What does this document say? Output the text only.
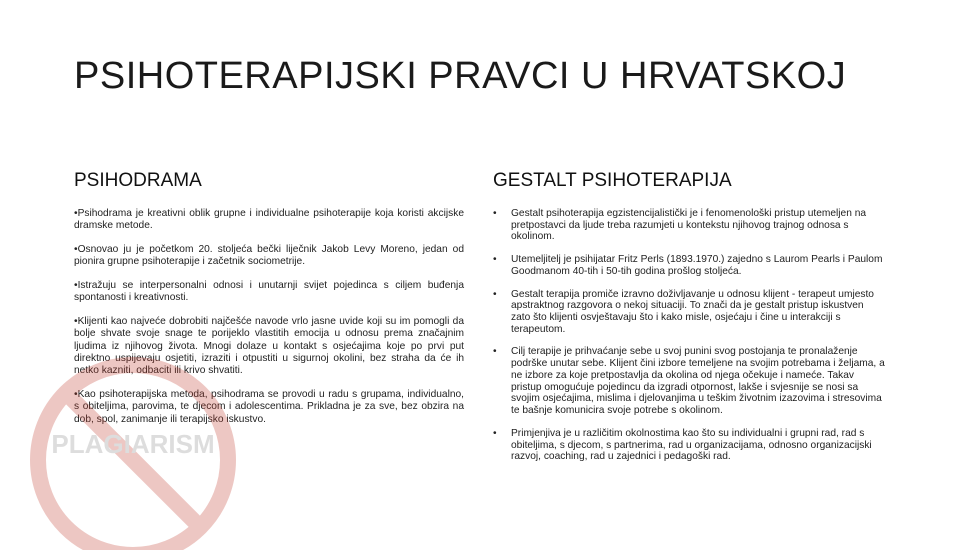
PSIHOTERAPIJSKI PRAVCI U HRVATSKOJ
PSIHODRAMA
•Psihodrama je kreativni oblik grupne i individualne psihoterapije koja koristi akcijske dramske metode.
•Osnovao ju je početkom 20. stoljeća bečki liječnik Jakob Levy Moreno, jedan od pionira grupne psihoterapije i začetnik sociometrije.
•Istražuju se interpersonalni odnosi i unutarnji svijet pojedinca s ciljem buđenja spontanosti i kreativnosti.
•Klijenti kao najveće dobrobiti najčešće navode vrlo jasne uvide koji su im pomogli da bolje shvate svoje snage te porijeklo vlastitih emocija u odnosu prema značajnim ljudima iz njihovog života. Mnogi dolaze u kontakt s osjećajima koje po prvi put direktno uspijevaju osjetiti, izraziti i otpustiti u sigurnoj okolini, bez straha da će ih netko kazniti, odbaciti ili krivo shvatiti.
•Kao psihoterapijska metoda, psihodrama se provodi u radu s grupama, individualno, s obiteljima, parovima, te djecom i adolescentima. Prikladna je za sve, bez obzira na dob, spol, zanimanje ili terapijsko iskustvo.
GESTALT PSIHOTERAPIJA
• Gestalt psihoterapija egzistencijalistički je i fenomenološki pristup utemeljen na pretpostavci da ljude treba razumjeti u kontekstu njihovog trajnog odnosa s okolinom.
• Utemeljitelj je psihijatar Fritz Perls (1893.1970.) zajedno s Laurom Pearls i Paulom Goodmanom 40-tih i 50-tih godina prošlog stoljeća.
• Gestalt terapija promiče izravno doživljavanje u odnosu klijent - terapeut umjesto apstraktnog razgovora o nekoj situaciji. To znači da je gestalt pristup iskustven zato što klijenti osvještavaju što i kako misle, osjećaju i čine u interakciji s terapeutom.
• Cilj terapije je prihvaćanje sebe u svoj punini svog postojanja te pronalaženje podrške unutar sebe. Klijent čini izbore temeljene na svojim potrebama i željama, a ne izbore za koje pretpostavlja da okolina od njega očekuje i nameće. Takav pristup omogućuje pojedincu da izgradi otpornost, lakše i svjesnije se nosi sa svojim osjećajima, mislima i djelovanjima u teškim životnim izazovima i stresovima te bašnje komunicira svoje potrebe s okolinom.
• Primjenjiva je u različitim okolnostima kao što su individualni i grupni rad, rad s obiteljima, s djecom, s partnerima, rad u organizacijama, odnosno organizacijski razvoj, coaching, rad u zajednici i pedagoški rad.
PLAGIARISM
